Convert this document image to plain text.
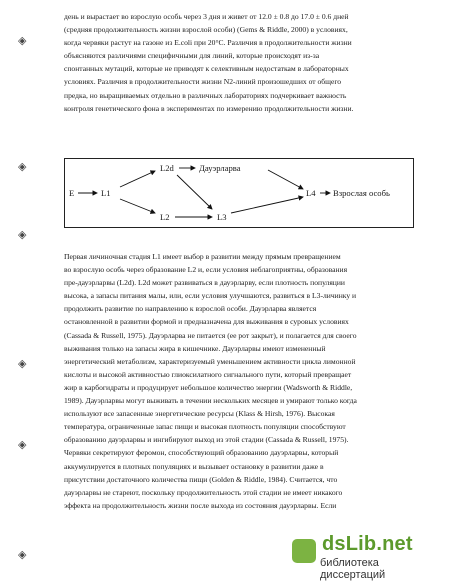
день и вырастает во взрослую особь через 3 дня и живет от 12.0 ± 0.8 до 17.0 ± 0.6 дней
(средняя продолжительность жизни взрослой особи) (Gems & Riddle, 2000) в условиях,
когда червяки растут на газоне из E.coli при 20°С. Различия в продолжительности жизни
объясняются различиями специфичными для линий, которые происходят из-за
спонтанных мутаций, которые не приводят к селективным недостаткам в лабораторных
условиях. Различия в продолжительности жизни N2-линий произошедших от общего
предка, но выращиваемых отдельно в различных лабораториях подчеркивает важность
контроля генетического фона в экспериментах по измерению продолжительности жизни.

E	L1
L2d	Дауэрларва
L2	L3
L4 Взрослая особь

Первая личиночная стадия L1 имеет выбор в развитии между прямым превращением
во взрослую особь через образование L2 и, если условия неблагоприятны, образования
пре-дауэрларвы (L2d). L2d может развиваться в дауэрларву, если плотность популяции
высока, а запасы питания малы, или, если условия улучшаются, развиться в L3-личинку и
продолжить развитие по направлению к взрослой особи. Дауэрларва является
остановленной в развитии формой и предназначена для выживания в суровых условиях
(Cassada & Russell, 1975). Дауэрларва не питается (ее рот закрыт), и полагается для своего
выживания только на запасы жира в кишечнике. Дауэрларвы имеют измененный
энергетический метаболизм, характеризуемый уменьшением активности цикла лимонной
кислоты и высокой активностью глиоксилатного сигнального пути, который превращает
жир в карбогидраты и продуцирует небольшое количество энергии (Wadsworth & Riddle,
1989). Дауэрларвы могут выживать в течении нескольких месяцев и умирают только когда
используют все запасенные энергетические ресурсы (Klass & Hirsh, 1976). Высокая
температура, ограниченные запас пищи и высокая плотность популяции способствуют
образованию дауэрларвы и ингибируют выход из этой стадии (Cassada & Russell, 1975).
Червяки секретируют феромон, способствующий образованию дауэрларвы, который
аккумулируется в плотных популяциях и вызывает остановку в развитии даже в
присутствии достаточного количества пищи (Golden & Riddle, 1984). Считается, что
дауэрларвы не стареют, поскольку продолжительность этой стадии не имеет никакого
эффекта на продолжительность жизни после выхода из состояния дауэрларвы. Если

◈
◈
◈
◈
◈
◈	dsLib.net
библиотека диссертаций
